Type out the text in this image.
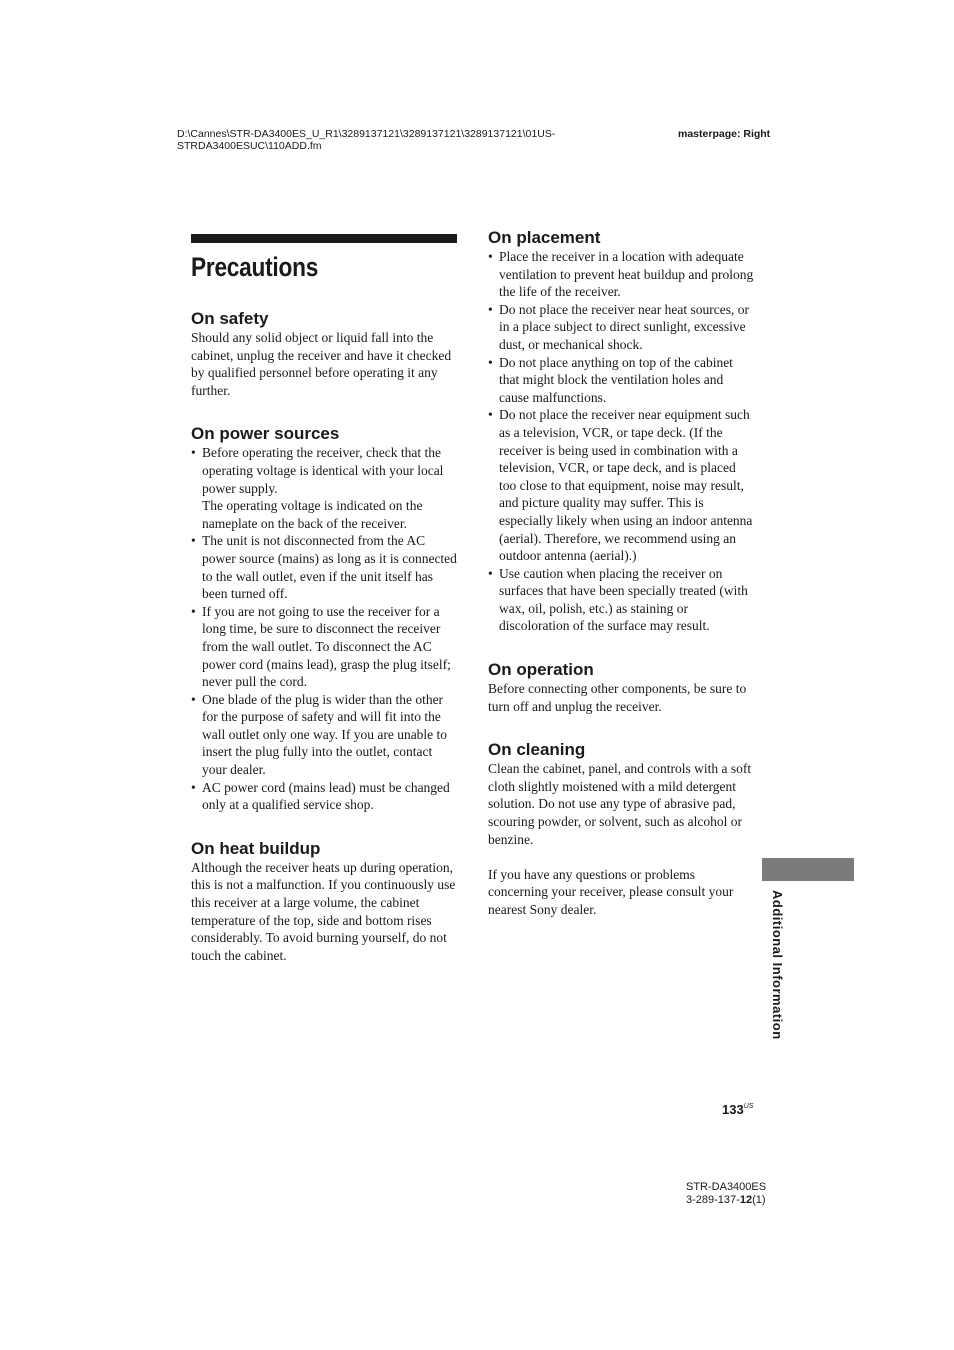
D:\Cannes\STR-DA3400ES_U_R1\3289137121\3289137121\3289137121\01US-
STRDA3400ESUC\110ADD.fm
masterpage: Right
Precautions
On safety

Should any solid object or liquid fall into the cabinet, unplug the receiver and have it checked by qualified personnel before operating it any further.

On power sources
• Before operating the receiver, check that the operating voltage is identical with your local power supply.
The operating voltage is indicated on the nameplate on the back of the receiver.
• The unit is not disconnected from the AC power source (mains) as long as it is connected to the wall outlet, even if the unit itself has been turned off.
• If you are not going to use the receiver for a long time, be sure to disconnect the receiver from the wall outlet. To disconnect the AC power cord (mains lead), grasp the plug itself; never pull the cord.
• One blade of the plug is wider than the other for the purpose of safety and will fit into the wall outlet only one way. If you are unable to insert the plug fully into the outlet, contact your dealer.
• AC power cord (mains lead) must be changed only at a qualified service shop.
On heat buildup

Although the receiver heats up during operation, this is not a malfunction. If you continuously use this receiver at a large volume, the cabinet temperature of the top, side and bottom rises considerably. To avoid burning yourself, do not touch the cabinet.

On placement
• Place the receiver in a location with adequate ventilation to prevent heat buildup and prolong the life of the receiver.
• Do not place the receiver near heat sources, or in a place subject to direct sunlight, excessive dust, or mechanical shock.
• Do not place anything on top of the cabinet that might block the ventilation holes and cause malfunctions.
• Do not place the receiver near equipment such as a television, VCR, or tape deck. (If the receiver is being used in combination with a television, VCR, or tape deck, and is placed too close to that equipment, noise may result, and picture quality may suffer. This is especially likely when using an indoor antenna (aerial). Therefore, we recommend using an outdoor antenna (aerial).)
• Use caution when placing the receiver on surfaces that have been specially treated (with wax, oil, polish, etc.) as staining or discoloration of the surface may result.
On operation

Before connecting other components, be sure to turn off and unplug the receiver.

On cleaning

Clean the cabinet, panel, and controls with a soft cloth slightly moistened with a mild detergent solution. Do not use any type of abrasive pad, scouring powder, or solvent, such as alcohol or benzine.

If you have any questions or problems concerning your receiver, please consult your nearest Sony dealer.	Additional Information
$133^{US}$
STR-DA3400ES
3-289-137-12(1)
